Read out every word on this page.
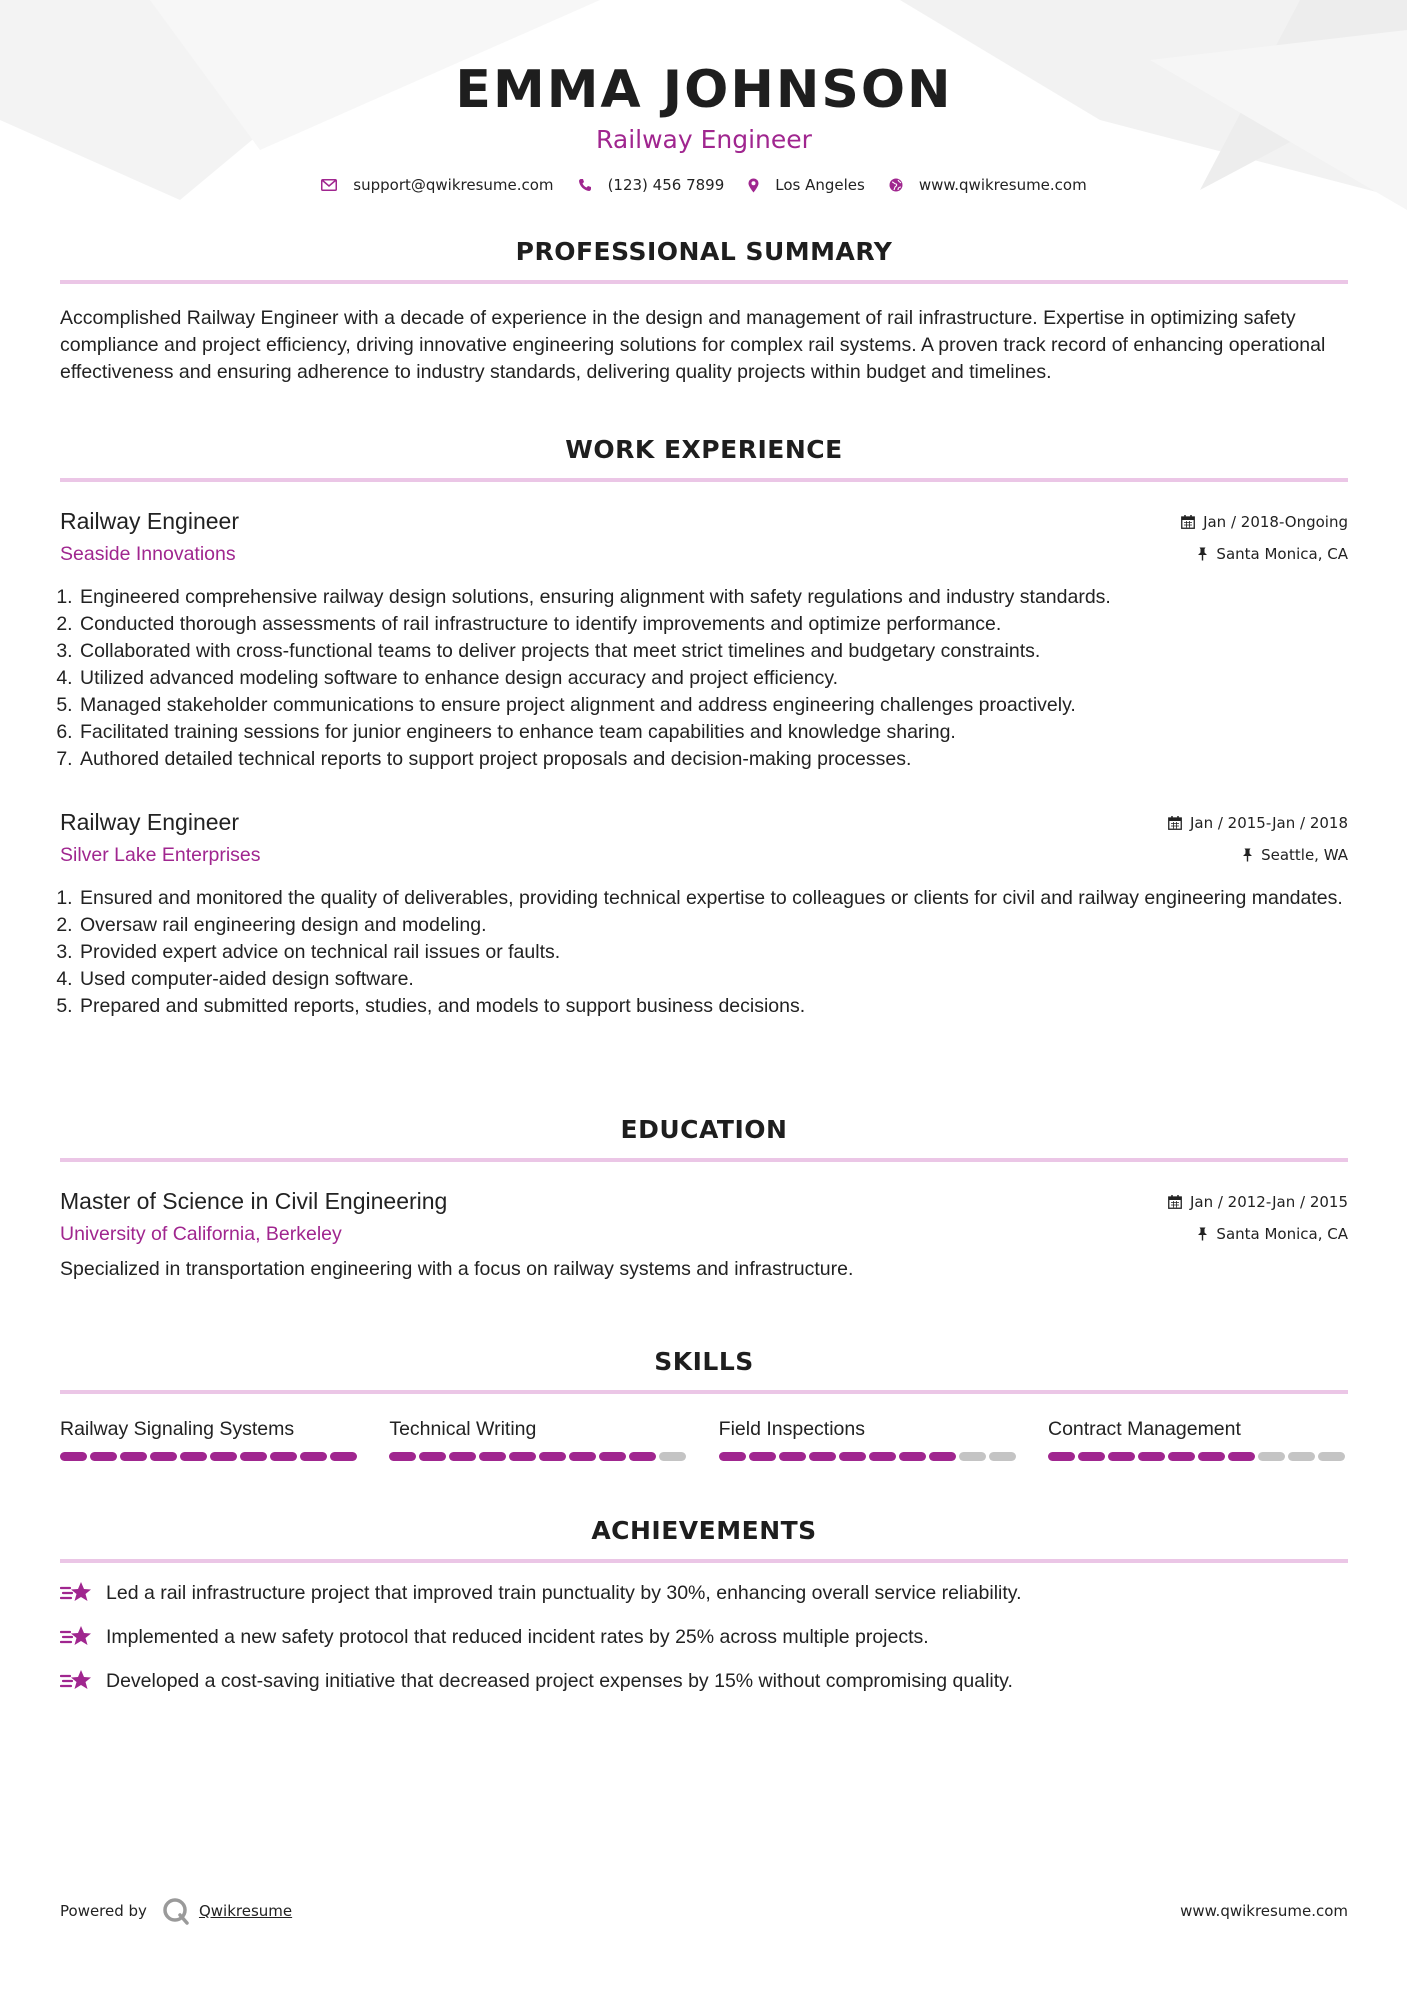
EMMA JOHNSON
Railway Engineer
support@qwikresume.com	(123) 456 7899	Los Angeles	www.qwikresume.com
PROFESSIONAL SUMMARY

Accomplished Railway Engineer with a decade of experience in the design and management of rail infrastructure. Expertise in optimizing safety compliance and project efficiency, driving innovative engineering solutions for complex rail systems. A proven track record of enhancing operational effectiveness and ensuring adherence to industry standards, delivering quality projects within budget and timelines.

WORK EXPERIENCE
Railway Engineer
Seaside Innovations
Jan / 2018-Ongoing
Santa Monica, CA
1. Engineered comprehensive railway design solutions, ensuring alignment with safety regulations and industry standards.
2. Conducted thorough assessments of rail infrastructure to identify improvements and optimize performance.
3. Collaborated with cross-functional teams to deliver projects that meet strict timelines and budgetary constraints.
4. Utilized advanced modeling software to enhance design accuracy and project efficiency.
5. Managed stakeholder communications to ensure project alignment and address engineering challenges proactively.
6. Facilitated training sessions for junior engineers to enhance team capabilities and knowledge sharing.
7. Authored detailed technical reports to support project proposals and decision-making processes.
Railway Engineer
Silver Lake Enterprises
Jan / 2015-Jan / 2018
Seattle, WA
1. Ensured and monitored the quality of deliverables, providing technical expertise to colleagues or clients for civil and railway engineering mandates.
2. Oversaw rail engineering design and modeling.
3. Provided expert advice on technical rail issues or faults.
4. Used computer-aided design software.
5. Prepared and submitted reports, studies, and models to support business decisions.
EDUCATION
Master of Science in Civil Engineering
University of California, Berkeley
Jan / 2012-Jan / 2015
Santa Monica, CA

Specialized in transportation engineering with a focus on railway systems and infrastructure.

SKILLS
Railway Signaling Systems	Technical Writing	Field Inspections	Contract Management
ACHIEVEMENTS
Led a rail infrastructure project that improved train punctuality by 30%, enhancing overall service reliability.
Implemented a new safety protocol that reduced incident rates by 25% across multiple projects.
Developed a cost-saving initiative that decreased project expenses by 15% without compromising quality.
Powered by	Qwikresume	www.qwikresume.com
